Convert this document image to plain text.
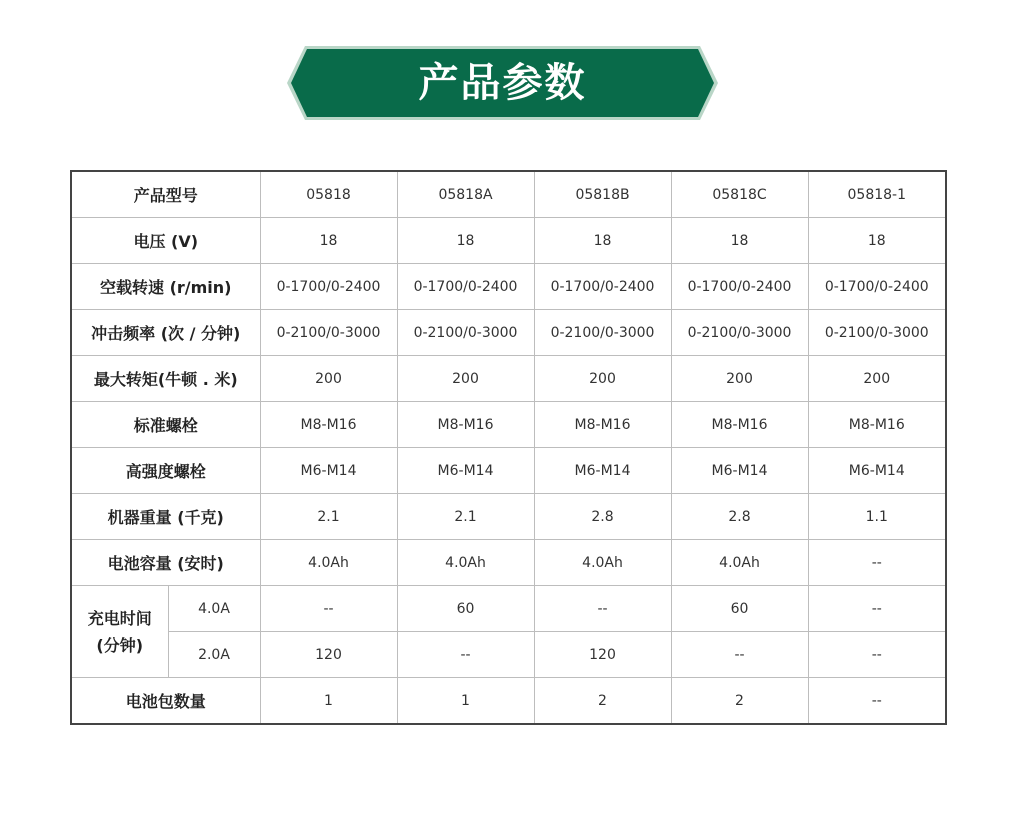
产品参数
产品型号		05818	05818A	05818B	05818C	05818-1
电压 (V)		18	18	18	18	18
空载转速 (r/min)		0-1700/0-2400	0-1700/0-2400	0-1700/0-2400	0-1700/0-2400	0-1700/0-2400
冲击频率 (次 / 分钟)		0-2100/0-3000	0-2100/0-3000	0-2100/0-3000	0-2100/0-3000	0-2100/0-3000
最大转矩(牛顿 . 米)		200	200	200	200	200
标准螺栓		M8-M16	M8-M16	M8-M16	M8-M16	M8-M16
高强度螺栓		M6-M14	M6-M14	M6-M14	M6-M14	M6-M14
机器重量 (千克)		2.1	2.1	2.8	2.8	1.1
电池容量 (安时)		4.0Ah	4.0Ah	4.0Ah	4.0Ah	--

充电时间
(分钟)	4.0A	--	60	--	60	--
	2.0A	120	--	120	--	--
电池包数量		1	1	2	2	--
